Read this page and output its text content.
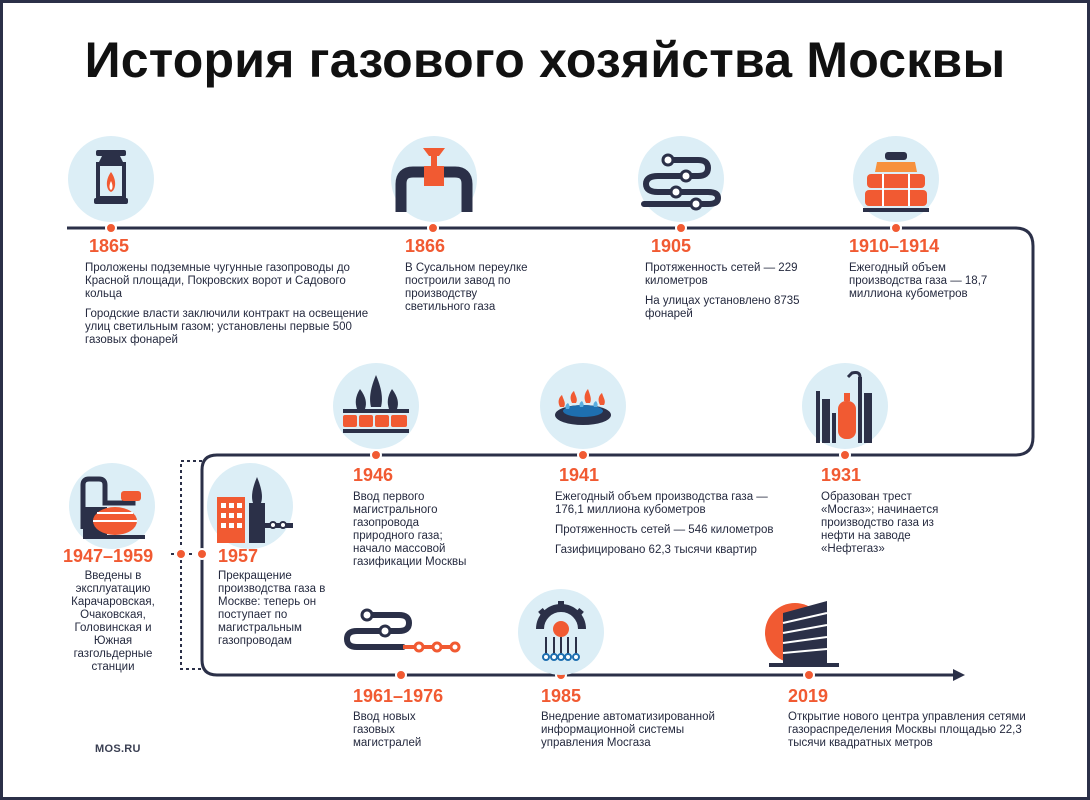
История газового хозяйства Москвы
1865	1866	1905	1910–1914
1931
1941
1946
1947–1959	1957
1961–1976	1985	2019

Проложены подземные чугунные газопроводы до Красной площади, Покровских ворот и Садового кольца

Городские власти заключили контракт на освещение улиц светильным газом; установлены первые 500 газовых фонарей

В Сусальном переулке построили завод по производству светильного газа

Протяженность сетей — 229 километров

На улицах установлено 8735 фонарей

Ежегодный объем производства газа — 18,7 миллиона кубометров

Образован трест «Мосгаз»; начинается производство газа из нефти на заводе «Нефтегаз»

Ежегодный объем производства газа — 176,1 миллиона кубометров

Протяженность сетей — 546 километров

Газифицировано 62,3 тысячи квартир

Ввод первого магистрального газопровода природного газа; начало массовой газификации Москвы

Введены в эксплуатацию Карачаровская, Очаковская, Головинская и Южная газгольдерные станции

Прекращение производства газа в Москве: теперь он поступает по магистральным газопроводам

Ввод новых газовых магистралей

Внедрение автоматизированной информационной системы управления Мосгаза

Открытие нового центра управления сетями газораспределения Москвы площадью 22,3 тысячи квадратных метров

MOS.RU
